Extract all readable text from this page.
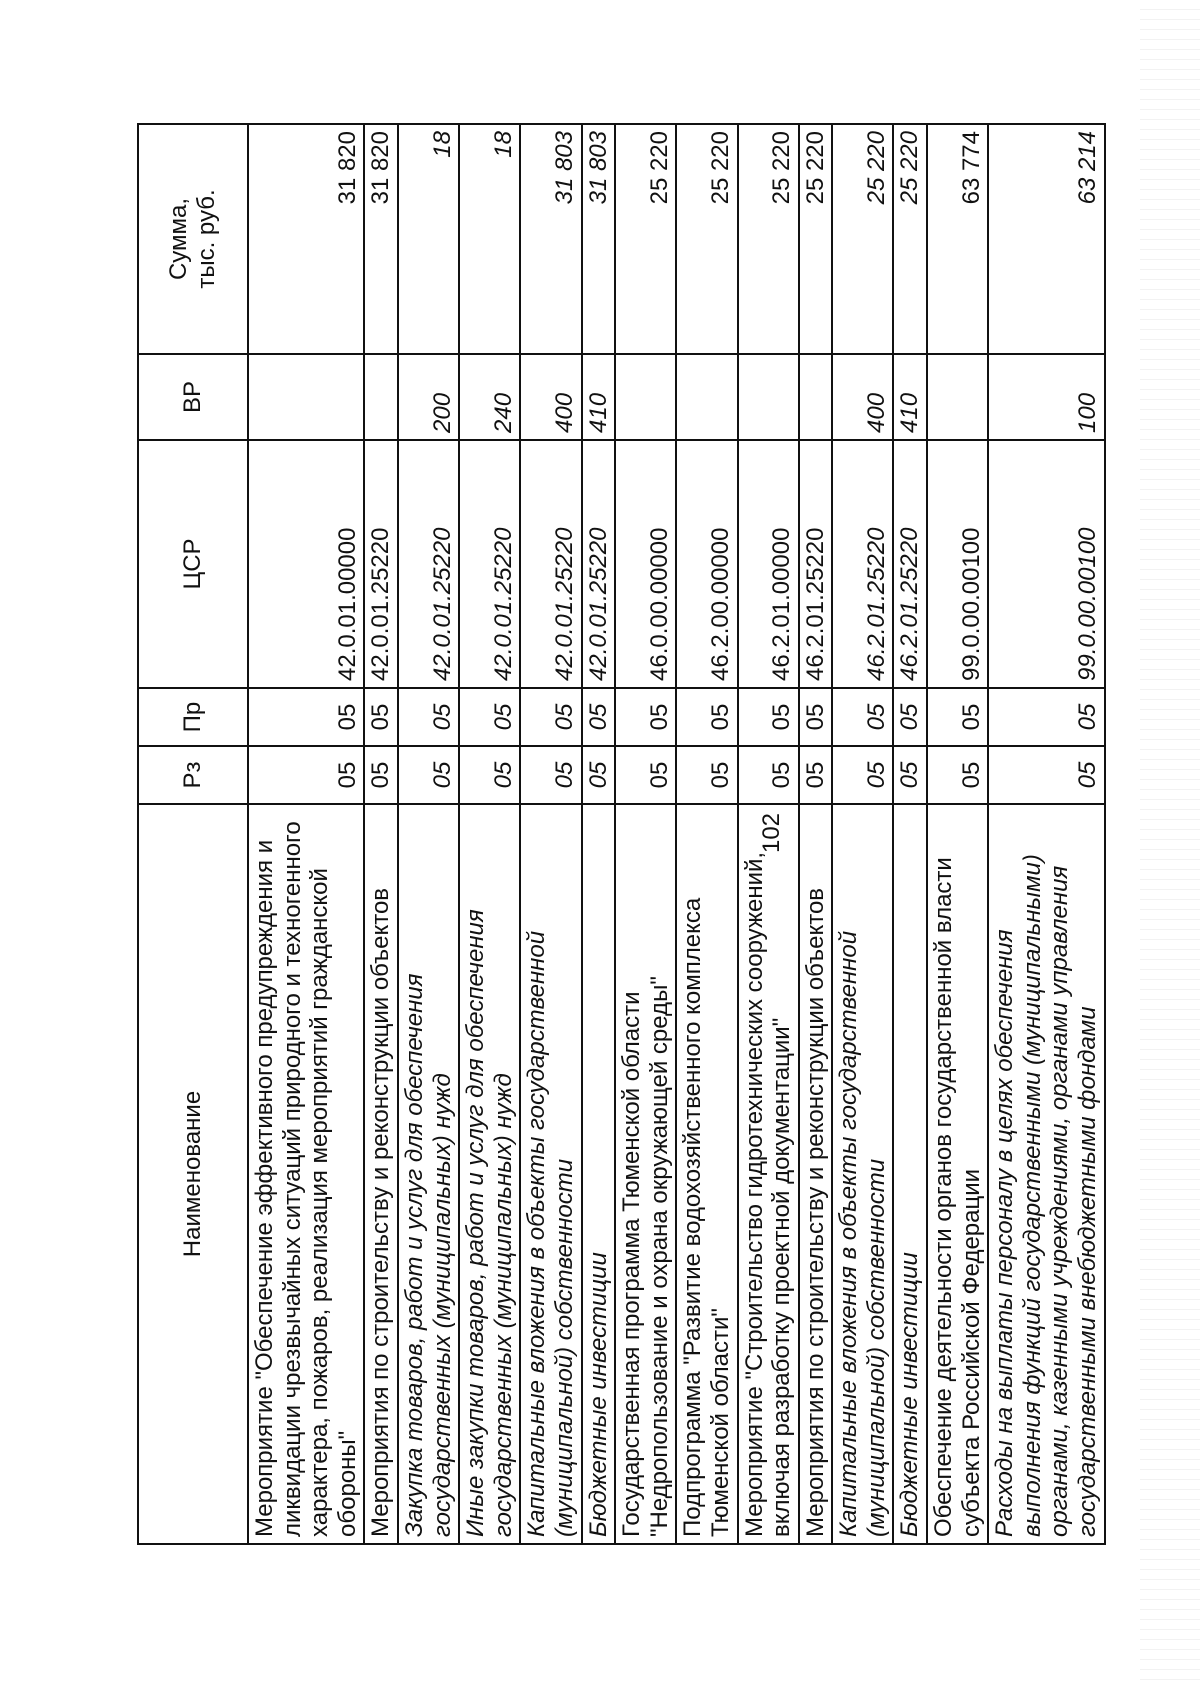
102
Наименование	Рз	Пр	ЦСР	ВР	Сумма,
тыс. руб.
Мероприятие "Обеспечение эффективного предупреждения и ликвидации чрезвычайных ситуаций природного и техногенного характера, пожаров, реализация мероприятий гражданской обороны"	05	05	42.0.01.00000		31 820
Мероприятия по строительству и реконструкции объектов	05	05	42.0.01.25220		31 820
Закупка товаров, работ и услуг для обеспечения государственных (муниципальных) нужд	05	05	42.0.01.25220	200	18
Иные закупки товаров, работ и услуг для обеспечения государственных (муниципальных) нужд	05	05	42.0.01.25220	240	18
Капитальные вложения в объекты государственной (муниципальной) собственности	05	05	42.0.01.25220	400	31 803
Бюджетные инвестиции	05	05	42.0.01.25220	410	31 803
Государственная программа Тюменской области "Недропользование и охрана окружающей среды"	05	05	46.0.00.00000		25 220
Подпрограмма "Развитие водохозяйственного комплекса Тюменской области"	05	05	46.2.00.00000		25 220
Мероприятие "Строительство гидротехнических сооружений, включая разработку проектной документации"	05	05	46.2.01.00000		25 220
Мероприятия по строительству и реконструкции объектов	05	05	46.2.01.25220		25 220
Капитальные вложения в объекты государственной (муниципальной) собственности	05	05	46.2.01.25220	400	25 220
Бюджетные инвестиции	05	05	46.2.01.25220	410	25 220
Обеспечение деятельности органов государственной власти субъекта Российской Федерации	05	05	99.0.00.00100		63 774
Расходы на выплаты персоналу в целях обеспечения выполнения функций государственными (муниципальными) органами, казенными учреждениями, органами управления государственными внебюджетными фондами	05	05	99.0.00.00100	100	63 214
